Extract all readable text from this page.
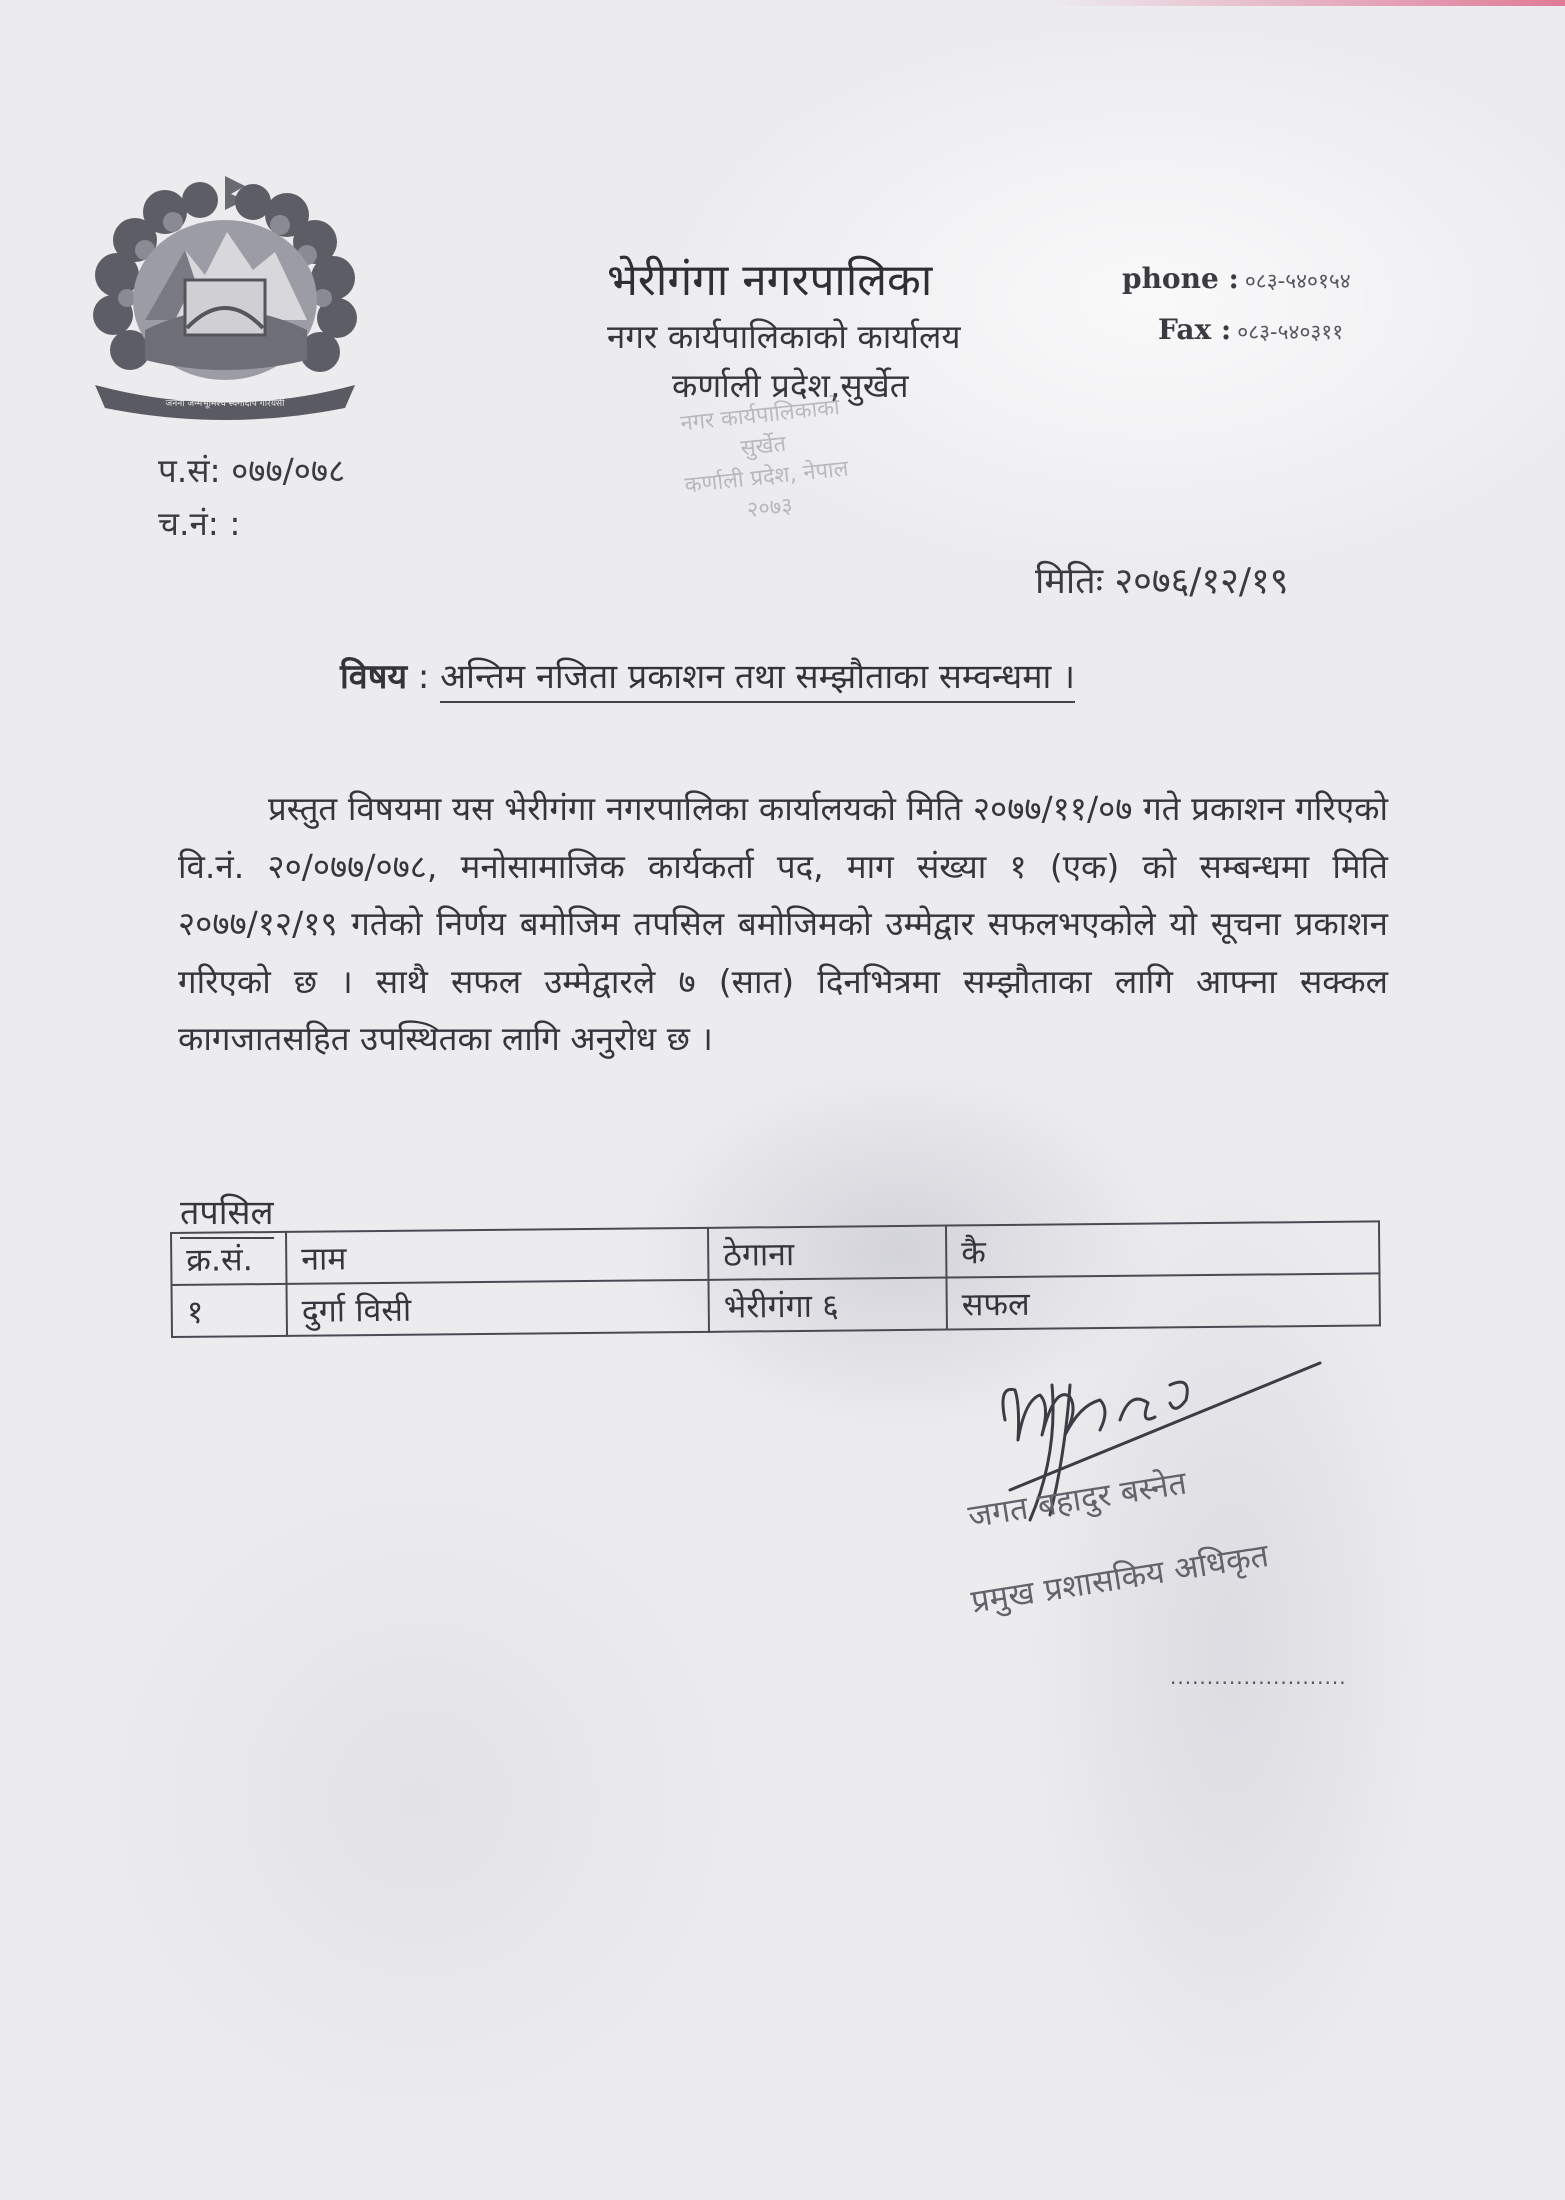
जननी जन्मभूमिश्च स्वर्गादपि गरियसी
भेरीगंगा नगरपालिका
नगर कार्यपालिकाको कार्यालय
कर्णाली प्रदेश,सुर्खेत
नगर कार्यपालिकाको
सुर्खेत
कर्णाली प्रदेश, नेपाल
२०७३
phone : ०८३-५४०१५४
Fax : ०८३-५४०३११
प.सं: ०७७/०७८
च.नं: :
मितिः २०७६/१२/१९
विषय : अन्तिम नजिता प्रकाशन तथा सम्झौताका सम्वन्धमा ।
प्रस्तुत विषयमा यस भेरीगंगा नगरपालिका कार्यालयको मिति २०७७/११/०७ गते प्रकाशन गरिएको वि.नं. २०/०७७/०७८, मनोसामाजिक कार्यकर्ता पद, माग संख्या १ (एक) को सम्बन्धमा मिति २०७७/१२/१९ गतेको निर्णय बमोजिम तपसिल बमोजिमको उम्मेद्वार सफलभएकोले यो सूचना प्रकाशन गरिएको छ । साथै सफल उम्मेद्वारले ७ (सात) दिनभित्रमा सम्झौताका लागि आफ्ना सक्कल कागजातसहित उपस्थितका लागि अनुरोध छ ।
तपसिल
क्र.सं.	नाम	ठेगाना	कै
१	दुर्गा विसी	भेरीगंगा ६	सफल
जगत बहादुर बस्नेत
प्रमुख प्रशासकिय अधिकृत
........................
